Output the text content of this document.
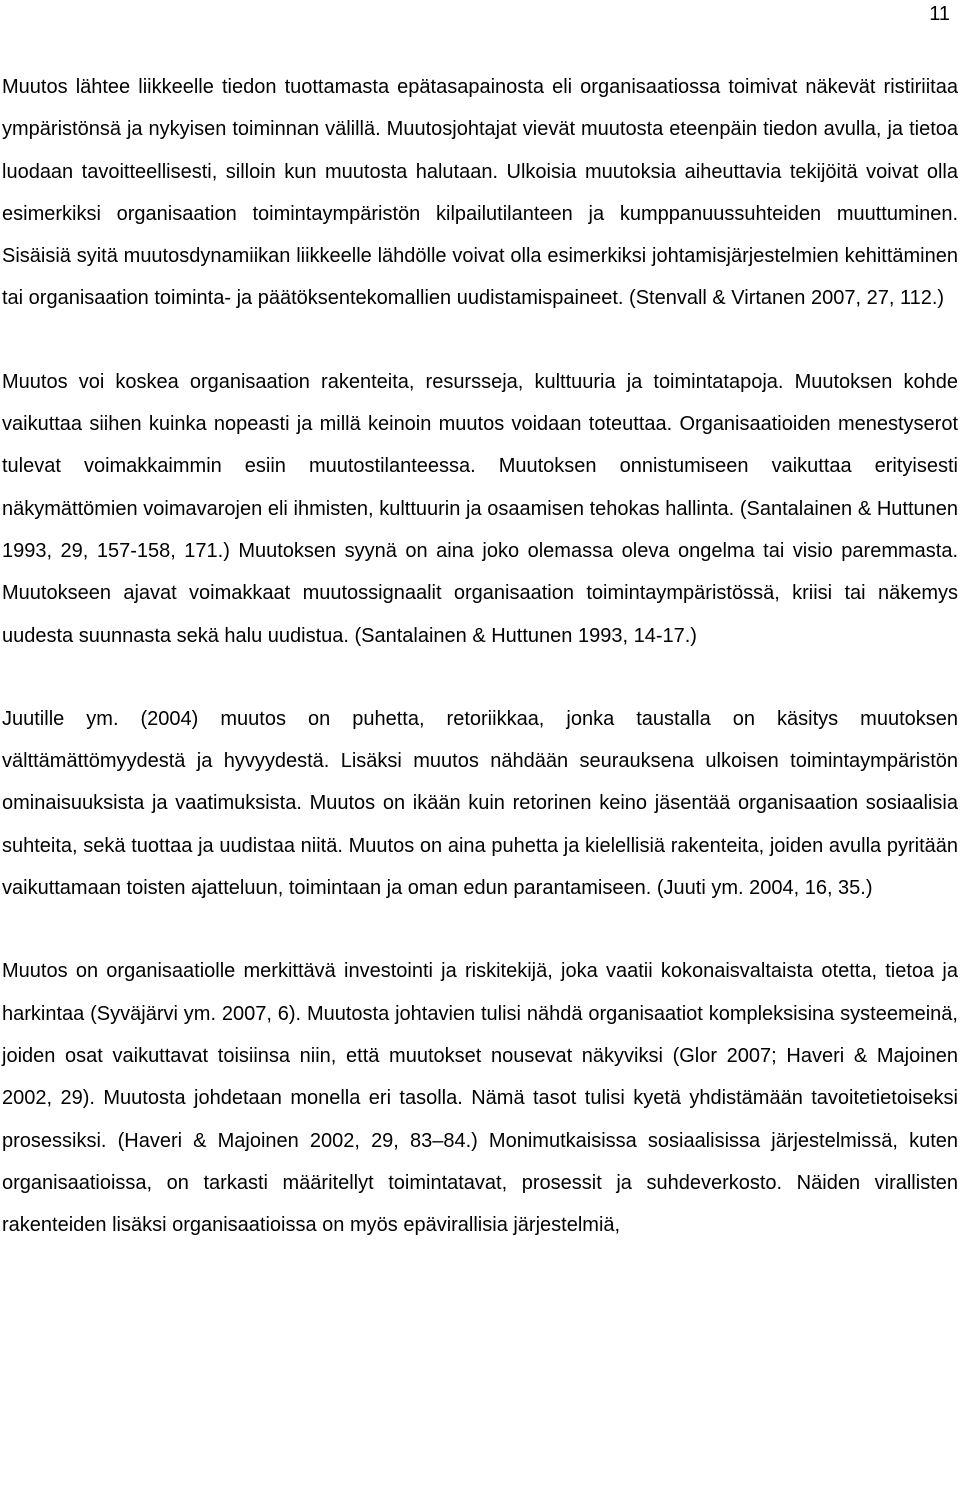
11

Muutos lähtee liikkeelle tiedon tuottamasta epätasapainosta eli organisaatiossa toimivat näkevät ristiriitaa ympäristönsä ja nykyisen toiminnan välillä. Muutosjohtajat vievät muutosta eteenpäin tiedon avulla, ja tietoa luodaan tavoitteellisesti, silloin kun muutosta halutaan. Ulkoisia muutoksia aiheuttavia tekijöitä voivat olla esimerkiksi organisaation toimintaympäristön kilpailutilanteen ja kumppanuussuhteiden muuttuminen. Sisäisiä syitä muutosdynamiikan liikkeelle lähdölle voivat olla esimerkiksi johtamisjärjestelmien kehittäminen tai organisaation toiminta- ja päätöksentekomallien uudistamispaineet. (Stenvall & Virtanen 2007, 27, 112.)

Muutos voi koskea organisaation rakenteita, resursseja, kulttuuria ja toimintatapoja. Muutoksen kohde vaikuttaa siihen kuinka nopeasti ja millä keinoin muutos voidaan toteuttaa. Organisaatioiden menestyserot tulevat voimakkaimmin esiin muutostilanteessa. Muutoksen onnistumiseen vaikuttaa erityisesti näkymättömien voimavarojen eli ihmisten, kulttuurin ja osaamisen tehokas hallinta. (Santalainen & Huttunen 1993, 29, 157-158, 171.) Muutoksen syynä on aina joko olemassa oleva ongelma tai visio paremmasta. Muutokseen ajavat voimakkaat muutossignaalit organisaation toimintaympäristössä, kriisi tai näkemys uudesta suunnasta sekä halu uudistua. (Santalainen & Huttunen 1993, 14-17.)

Juutille ym. (2004) muutos on puhetta, retoriikkaa, jonka taustalla on käsitys muutoksen välttämättömyydestä ja hyvyydestä. Lisäksi muutos nähdään seurauksena ulkoisen toimintaympäristön ominaisuuksista ja vaatimuksista. Muutos on ikään kuin retorinen keino jäsentää organisaation sosiaalisia suhteita, sekä tuottaa ja uudistaa niitä. Muutos on aina puhetta ja kielellisiä rakenteita, joiden avulla pyritään vaikuttamaan toisten ajatteluun, toimintaan ja oman edun parantamiseen. (Juuti ym. 2004, 16, 35.)

Muutos on organisaatiolle merkittävä investointi ja riskitekijä, joka vaatii kokonaisvaltaista otetta, tietoa ja harkintaa (Syväjärvi ym. 2007, 6). Muutosta johtavien tulisi nähdä organisaatiot kompleksisina systeemeinä, joiden osat vaikuttavat toisiinsa niin, että muutokset nousevat näkyviksi (Glor 2007; Haveri & Majoinen 2002, 29). Muutosta johdetaan monella eri tasolla. Nämä tasot tulisi kyetä yhdistämään tavoitetietoiseksi prosessiksi. (Haveri & Majoinen 2002, 29, 83–84.) Monimutkaisissa sosiaalisissa järjestelmissä, kuten organisaatioissa, on tarkasti määritellyt toimintatavat, prosessit ja suhdeverkosto. Näiden virallisten rakenteiden lisäksi organisaatioissa on myös epävirallisia järjestelmiä,
